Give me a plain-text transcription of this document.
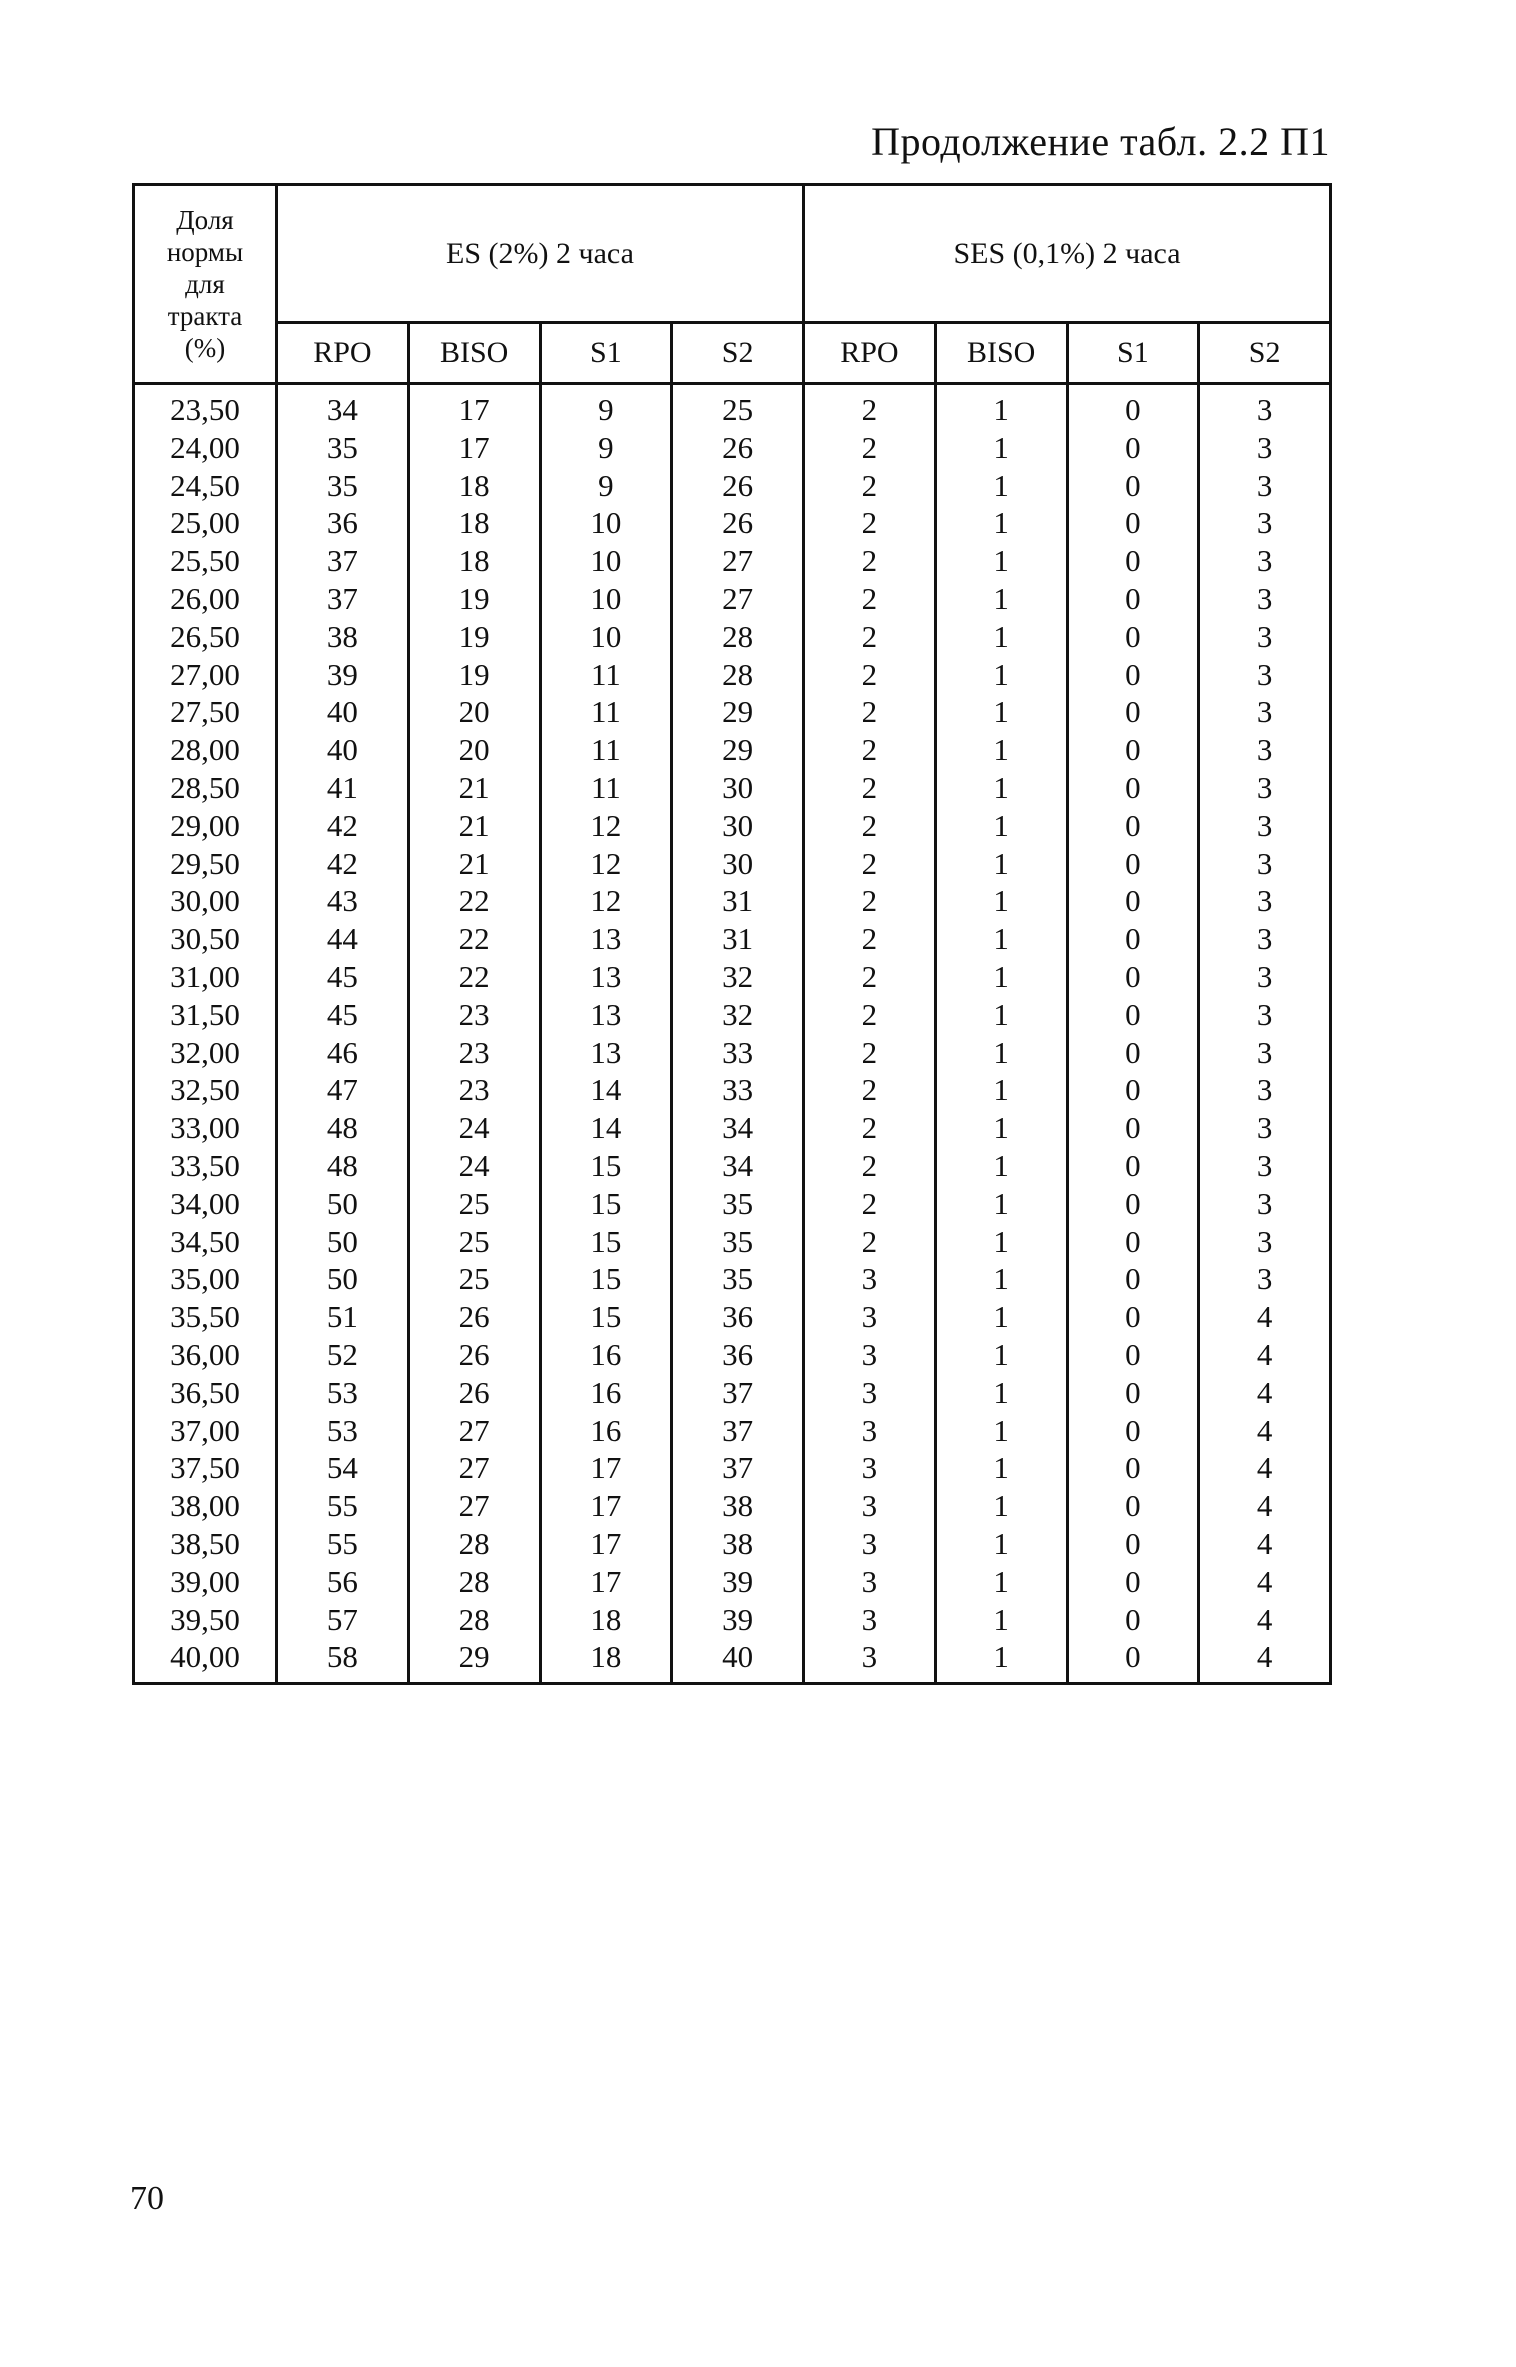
Продолжение табл. 2.2 П1
Доля
нормы
для
тракта
(%)	ES (2%) 2 часа				SES (0,1%) 2 часа			
	RPO	BISO	S1	S2	RPO	BISO	S1	S2
23,50	34	17	9	25	2	1	0	3
24,00	35	17	9	26	2	1	0	3
24,50	35	18	9	26	2	1	0	3
25,00	36	18	10	26	2	1	0	3
25,50	37	18	10	27	2	1	0	3
26,00	37	19	10	27	2	1	0	3
26,50	38	19	10	28	2	1	0	3
27,00	39	19	11	28	2	1	0	3
27,50	40	20	11	29	2	1	0	3
28,00	40	20	11	29	2	1	0	3
28,50	41	21	11	30	2	1	0	3
29,00	42	21	12	30	2	1	0	3
29,50	42	21	12	30	2	1	0	3
30,00	43	22	12	31	2	1	0	3
30,50	44	22	13	31	2	1	0	3
31,00	45	22	13	32	2	1	0	3
31,50	45	23	13	32	2	1	0	3
32,00	46	23	13	33	2	1	0	3
32,50	47	23	14	33	2	1	0	3
33,00	48	24	14	34	2	1	0	3
33,50	48	24	15	34	2	1	0	3
34,00	50	25	15	35	2	1	0	3
34,50	50	25	15	35	2	1	0	3
35,00	50	25	15	35	3	1	0	3
35,50	51	26	15	36	3	1	0	4
36,00	52	26	16	36	3	1	0	4
36,50	53	26	16	37	3	1	0	4
37,00	53	27	16	37	3	1	0	4
37,50	54	27	17	37	3	1	0	4
38,00	55	27	17	38	3	1	0	4
38,50	55	28	17	38	3	1	0	4
39,00	56	28	17	39	3	1	0	4
39,50	57	28	18	39	3	1	0	4
40,00	58	29	18	40	3	1	0	4
70
